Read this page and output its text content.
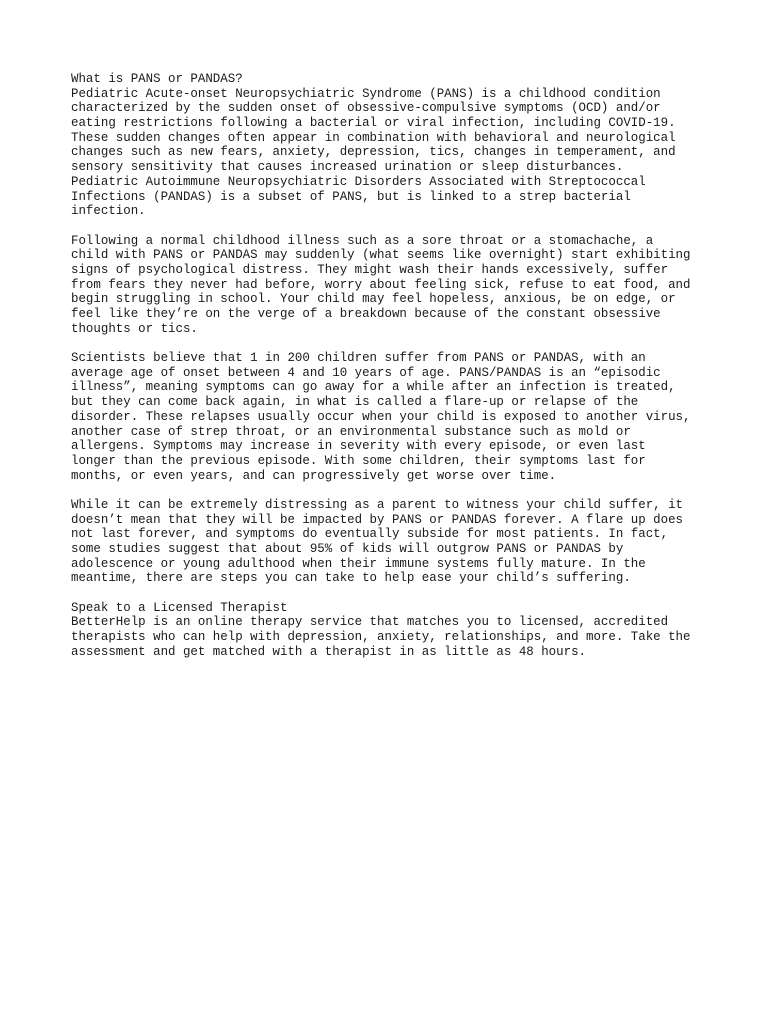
What is PANS or PANDAS?
Pediatric Acute-onset Neuropsychiatric Syndrome (PANS) is a childhood condition
characterized by the sudden onset of obsessive-compulsive symptoms (OCD) and/or
eating restrictions following a bacterial or viral infection, including COVID-19.
These sudden changes often appear in combination with behavioral and neurological
changes such as new fears, anxiety, depression, tics, changes in temperament, and
sensory sensitivity that causes increased urination or sleep disturbances.
Pediatric Autoimmune Neuropsychiatric Disorders Associated with Streptococcal
Infections (PANDAS) is a subset of PANS, but is linked to a strep bacterial
infection.
Following a normal childhood illness such as a sore throat or a stomachache, a
child with PANS or PANDAS may suddenly (what seems like overnight) start exhibiting
signs of psychological distress. They might wash their hands excessively, suffer
from fears they never had before, worry about feeling sick, refuse to eat food, and
begin struggling in school. Your child may feel hopeless, anxious, be on edge, or
feel like they’re on the verge of a breakdown because of the constant obsessive
thoughts or tics.
Scientists believe that 1 in 200 children suffer from PANS or PANDAS, with an
average age of onset between 4 and 10 years of age. PANS/PANDAS is an “episodic
illness”, meaning symptoms can go away for a while after an infection is treated,
but they can come back again, in what is called a flare-up or relapse of the
disorder. These relapses usually occur when your child is exposed to another virus,
another case of strep throat, or an environmental substance such as mold or
allergens. Symptoms may increase in severity with every episode, or even last
longer than the previous episode. With some children, their symptoms last for
months, or even years, and can progressively get worse over time.
While it can be extremely distressing as a parent to witness your child suffer, it
doesn’t mean that they will be impacted by PANS or PANDAS forever. A flare up does
not last forever, and symptoms do eventually subside for most patients. In fact,
some studies suggest that about 95% of kids will outgrow PANS or PANDAS by
adolescence or young adulthood when their immune systems fully mature. In the
meantime, there are steps you can take to help ease your child’s suffering.
Speak to a Licensed Therapist
BetterHelp is an online therapy service that matches you to licensed, accredited
therapists who can help with depression, anxiety, relationships, and more. Take the
assessment and get matched with a therapist in as little as 48 hours.
